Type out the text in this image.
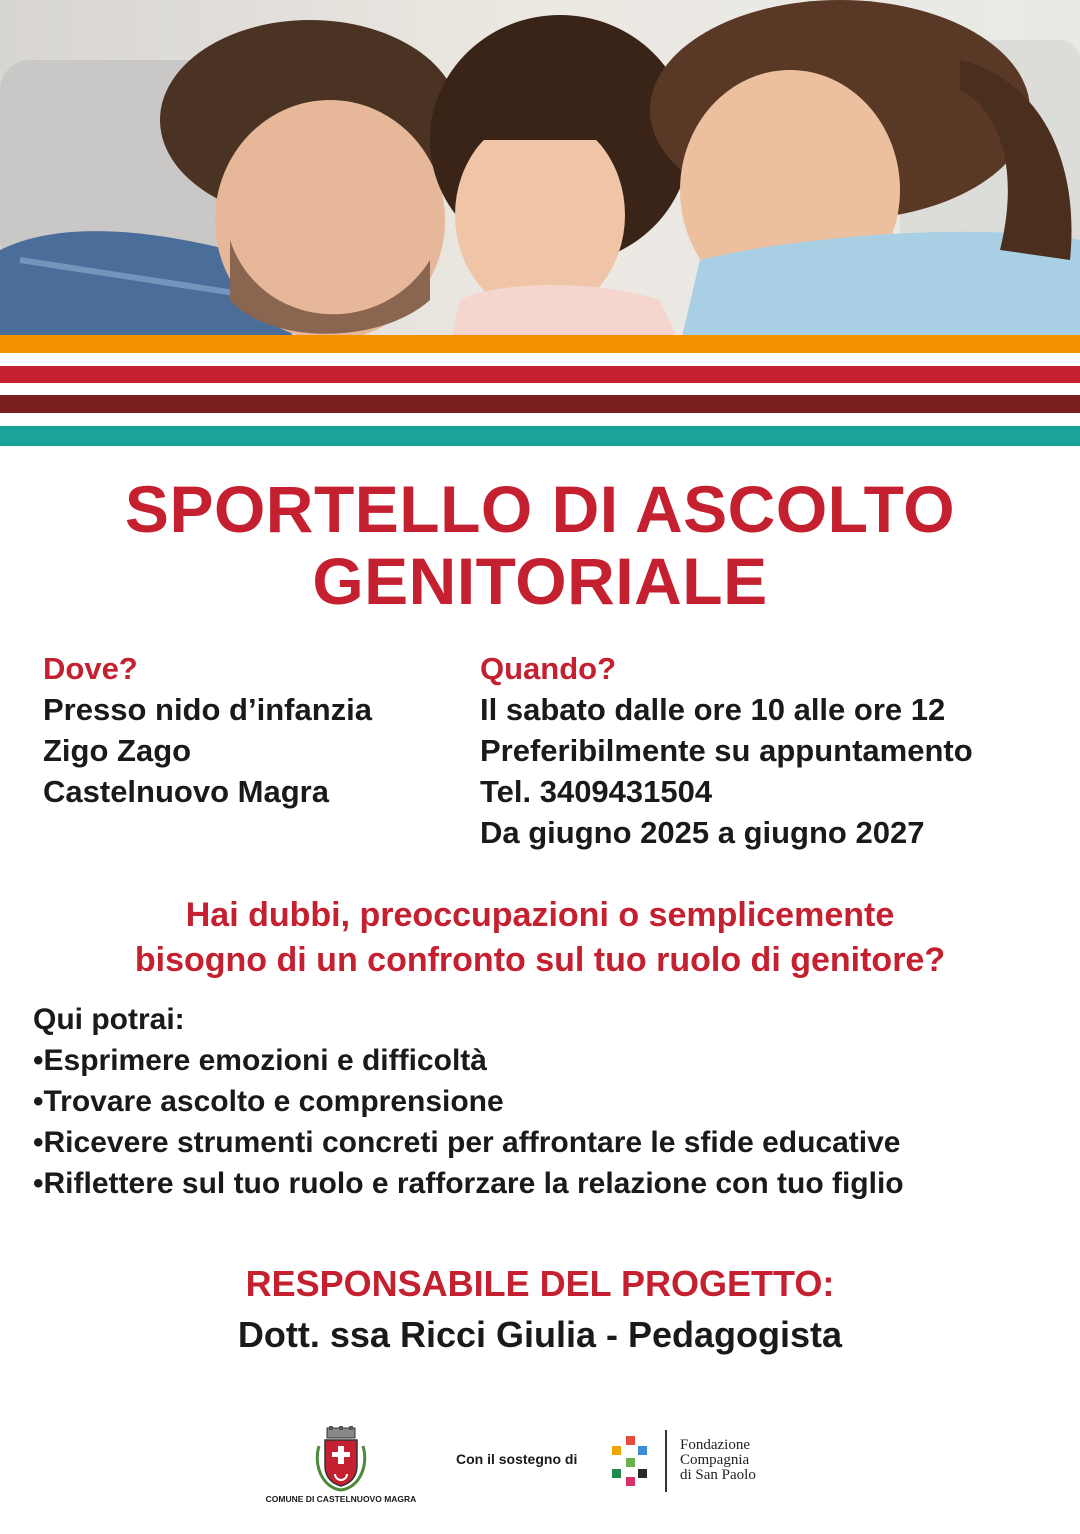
SPORTELLO DI ASCOLTO
GENITORIALE
Dove?
Presso nido d’infanzia
Zigo Zago
Castelnuovo Magra
Quando?
Il sabato dalle ore 10 alle ore 12
Preferibilmente su appuntamento
Tel. 3409431504
Da giugno 2025 a giugno 2027
Hai dubbi, preoccupazioni o semplicemente
bisogno di un confronto sul tuo ruolo di genitore?
Qui potrai:
• Esprimere emozioni e difficoltà
• Trovare ascolto e comprensione
• Ricevere strumenti concreti per affrontare le sfide educative
• Riflettere sul tuo ruolo e rafforzare la relazione con tuo figlio
RESPONSABILE DEL PROGETTO:
Dott. ssa Ricci Giulia - Pedagogista
COMUNE DI CASTELNUOVO MAGRA
Con il sostegno di
Fondazione
Compagnia
di San Paolo
